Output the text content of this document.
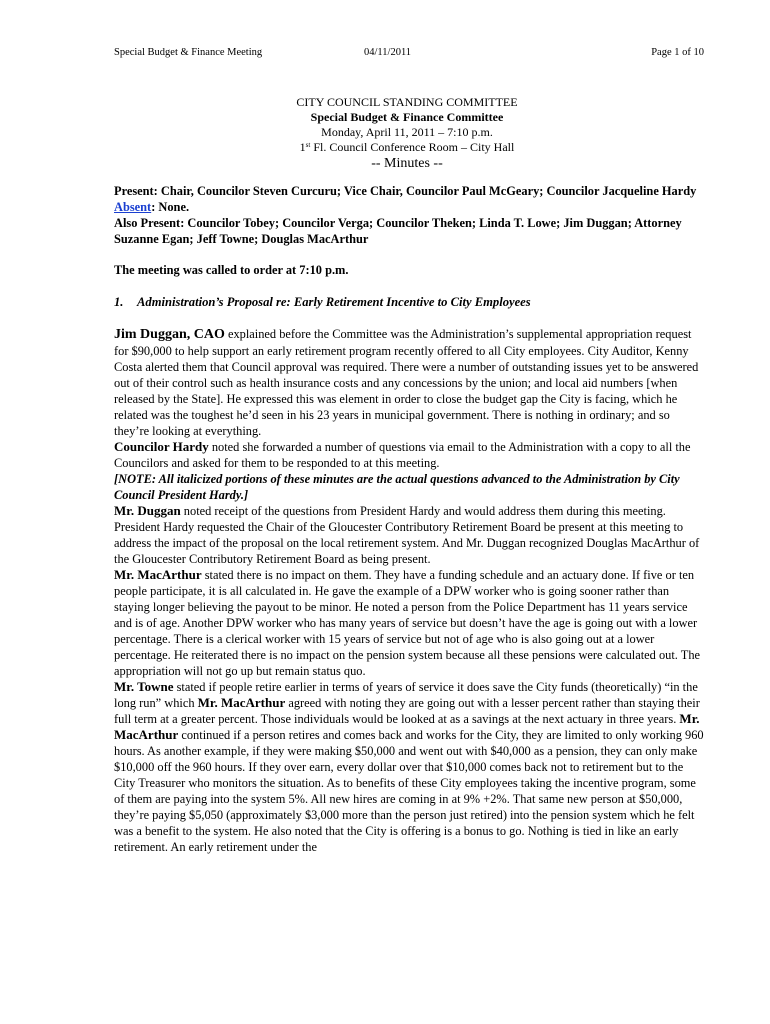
Special Budget & Finance Meeting	04/11/2011	Page 1 of 10
CITY COUNCIL STANDING COMMITTEE
Special Budget & Finance Committee
Monday, April 11, 2011 – 7:10 p.m.
1st Fl. Council Conference Room – City Hall
-- Minutes --

Present: Chair, Councilor Steven Curcuru; Vice Chair, Councilor Paul McGeary; Councilor Jacqueline Hardy

Absent: None.

Also Present: Councilor Tobey; Councilor Verga; Councilor Theken; Linda T. Lowe; Jim Duggan; Attorney Suzanne Egan; Jeff Towne; Douglas MacArthur

The meeting was called to order at 7:10 p.m.

1. Administration’s Proposal re: Early Retirement Incentive to City Employees

Jim Duggan, CAO explained before the Committee was the Administration’s supplemental appropriation request for $90,000 to help support an early retirement program recently offered to all City employees. City Auditor, Kenny Costa alerted them that Council approval was required. There were a number of outstanding issues yet to be answered out of their control such as health insurance costs and any concessions by the union; and local aid numbers [when released by the State]. He expressed this was element in order to close the budget gap the City is facing, which he related was the toughest he’d seen in his 23 years in municipal government. There is nothing in ordinary; and so they’re looking at everything.

Councilor Hardy noted she forwarded a number of questions via email to the Administration with a copy to all the Councilors and asked for them to be responded to at this meeting.

[NOTE: All italicized portions of these minutes are the actual questions advanced to the Administration by City Council President Hardy.]

Mr. Duggan noted receipt of the questions from President Hardy and would address them during this meeting. President Hardy requested the Chair of the Gloucester Contributory Retirement Board be present at this meeting to address the impact of the proposal on the local retirement system. And Mr. Duggan recognized Douglas MacArthur of the Gloucester Contributory Retirement Board as being present.

Mr. MacArthur stated there is no impact on them. They have a funding schedule and an actuary done. If five or ten people participate, it is all calculated in. He gave the example of a DPW worker who is going sooner rather than staying longer believing the payout to be minor. He noted a person from the Police Department has 11 years service and is of age. Another DPW worker who has many years of service but doesn’t have the age is going out with a lower percentage. There is a clerical worker with 15 years of service but not of age who is also going out at a lower percentage. He reiterated there is no impact on the pension system because all these pensions were calculated out. The appropriation will not go up but remain status quo.

Mr. Towne stated if people retire earlier in terms of years of service it does save the City funds (theoretically) “in the long run” which Mr. MacArthur agreed with noting they are going out with a lesser percent rather than staying their full term at a greater percent. Those individuals would be looked at as a savings at the next actuary in three years. Mr. MacArthur continued if a person retires and comes back and works for the City, they are limited to only working 960 hours. As another example, if they were making $50,000 and went out with $40,000 as a pension, they can only make $10,000 off the 960 hours. If they over earn, every dollar over that $10,000 comes back not to retirement but to the City Treasurer who monitors the situation. As to benefits of these City employees taking the incentive program, some of them are paying into the system 5%. All new hires are coming in at 9% +2%. That same new person at $50,000, they’re paying $5,050 (approximately $3,000 more than the person just retired) into the pension system which he felt was a benefit to the system. He also noted that the City is offering is a bonus to go. Nothing is tied in like an early retirement. An early retirement under the
